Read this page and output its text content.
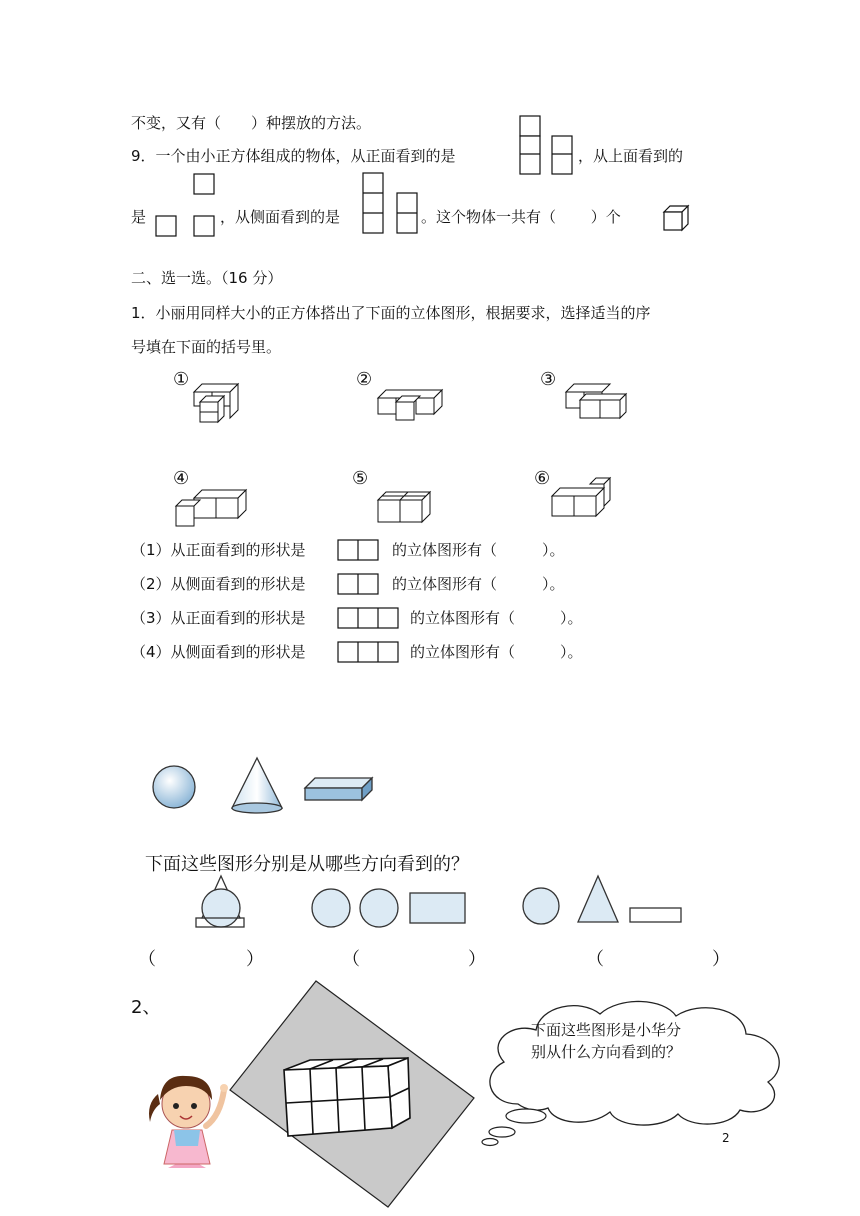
不变，又有（　　）种摆放的方法。
9．一个由小正方体组成的物体，从正面看到的是	，从上面看到的
是	，从侧面看到的是	。这个物体一共有（　　 ）个
二、选一选。（16 分）
1．小丽用同样大小的正方体搭出了下面的立体图形，根据要求，选择适当的序
号填在下面的括号里。
①	②	③
④	⑤	⑥
（1）从正面看到的形状是	的立体图形有（　　　）。
（2）从侧面看到的形状是	的立体图形有（　　　）。
（3）从正面看到的形状是	的立体图形有（　　　）。
（4）从侧面看到的形状是	的立体图形有（　　　）。
下面这些图形分别是从哪些方向看到的？
（　　　　　）	（　　　　　　）	（　　　　　　）
2、
下面这些图形是小华分
别从什么方向看到的？
2
